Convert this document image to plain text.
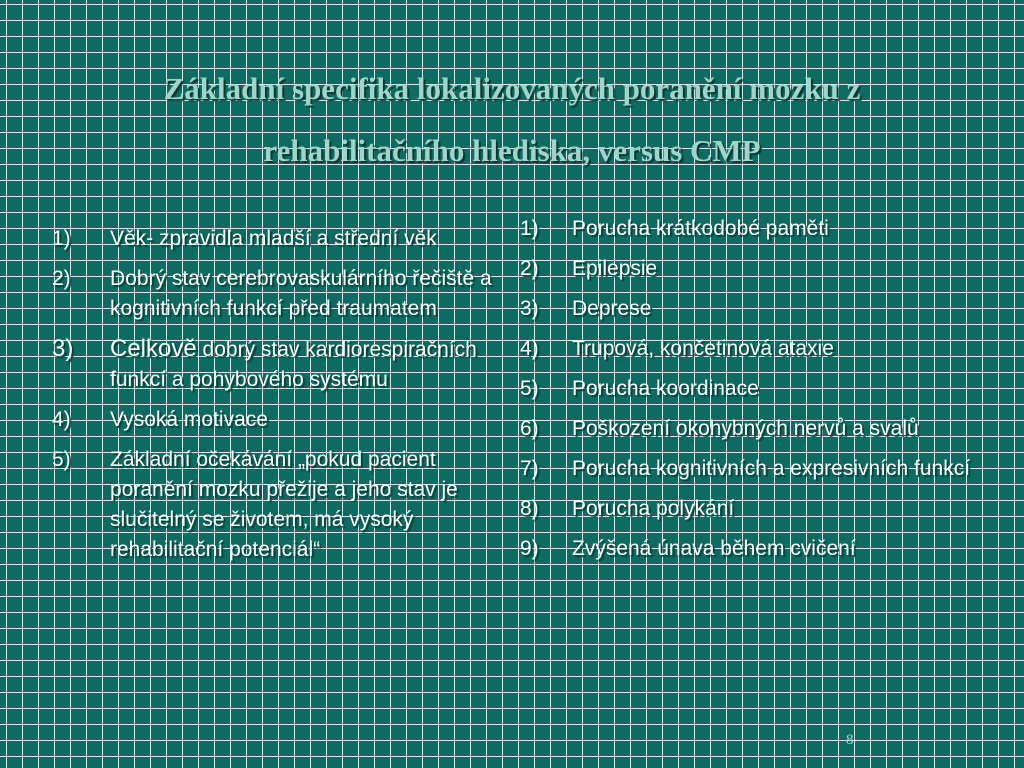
Základní specifika lokalizovaných poranění mozku z
rehabilitačního hlediska, versus CMP
1)	Věk- zpravidla mladší a střední věk
2)	Dobrý stav cerebrovaskulárního řečiště a kognitivních funkcí před traumatem
3)	Celkově dobrý stav kardiorespiračních funkcí a pohybového systému
4)	Vysoká motivace
5)	Základní očekávání „pokud pacient poranění mozku přežije a jeho stav je slučitelný se životem, má vysoký rehabilitační potenciál“
1)	Porucha krátkodobé paměti
2)	Epilepsie
3)	Deprese
4)	Trupová, končetinová ataxie
5)	Porucha koordinace
6)	Poškození okohybných nervů a svalů
7)	Porucha kognitivních a expresivních funkcí
8)	Porucha polykání
9)	Zvýšená únava během cvičení
8
